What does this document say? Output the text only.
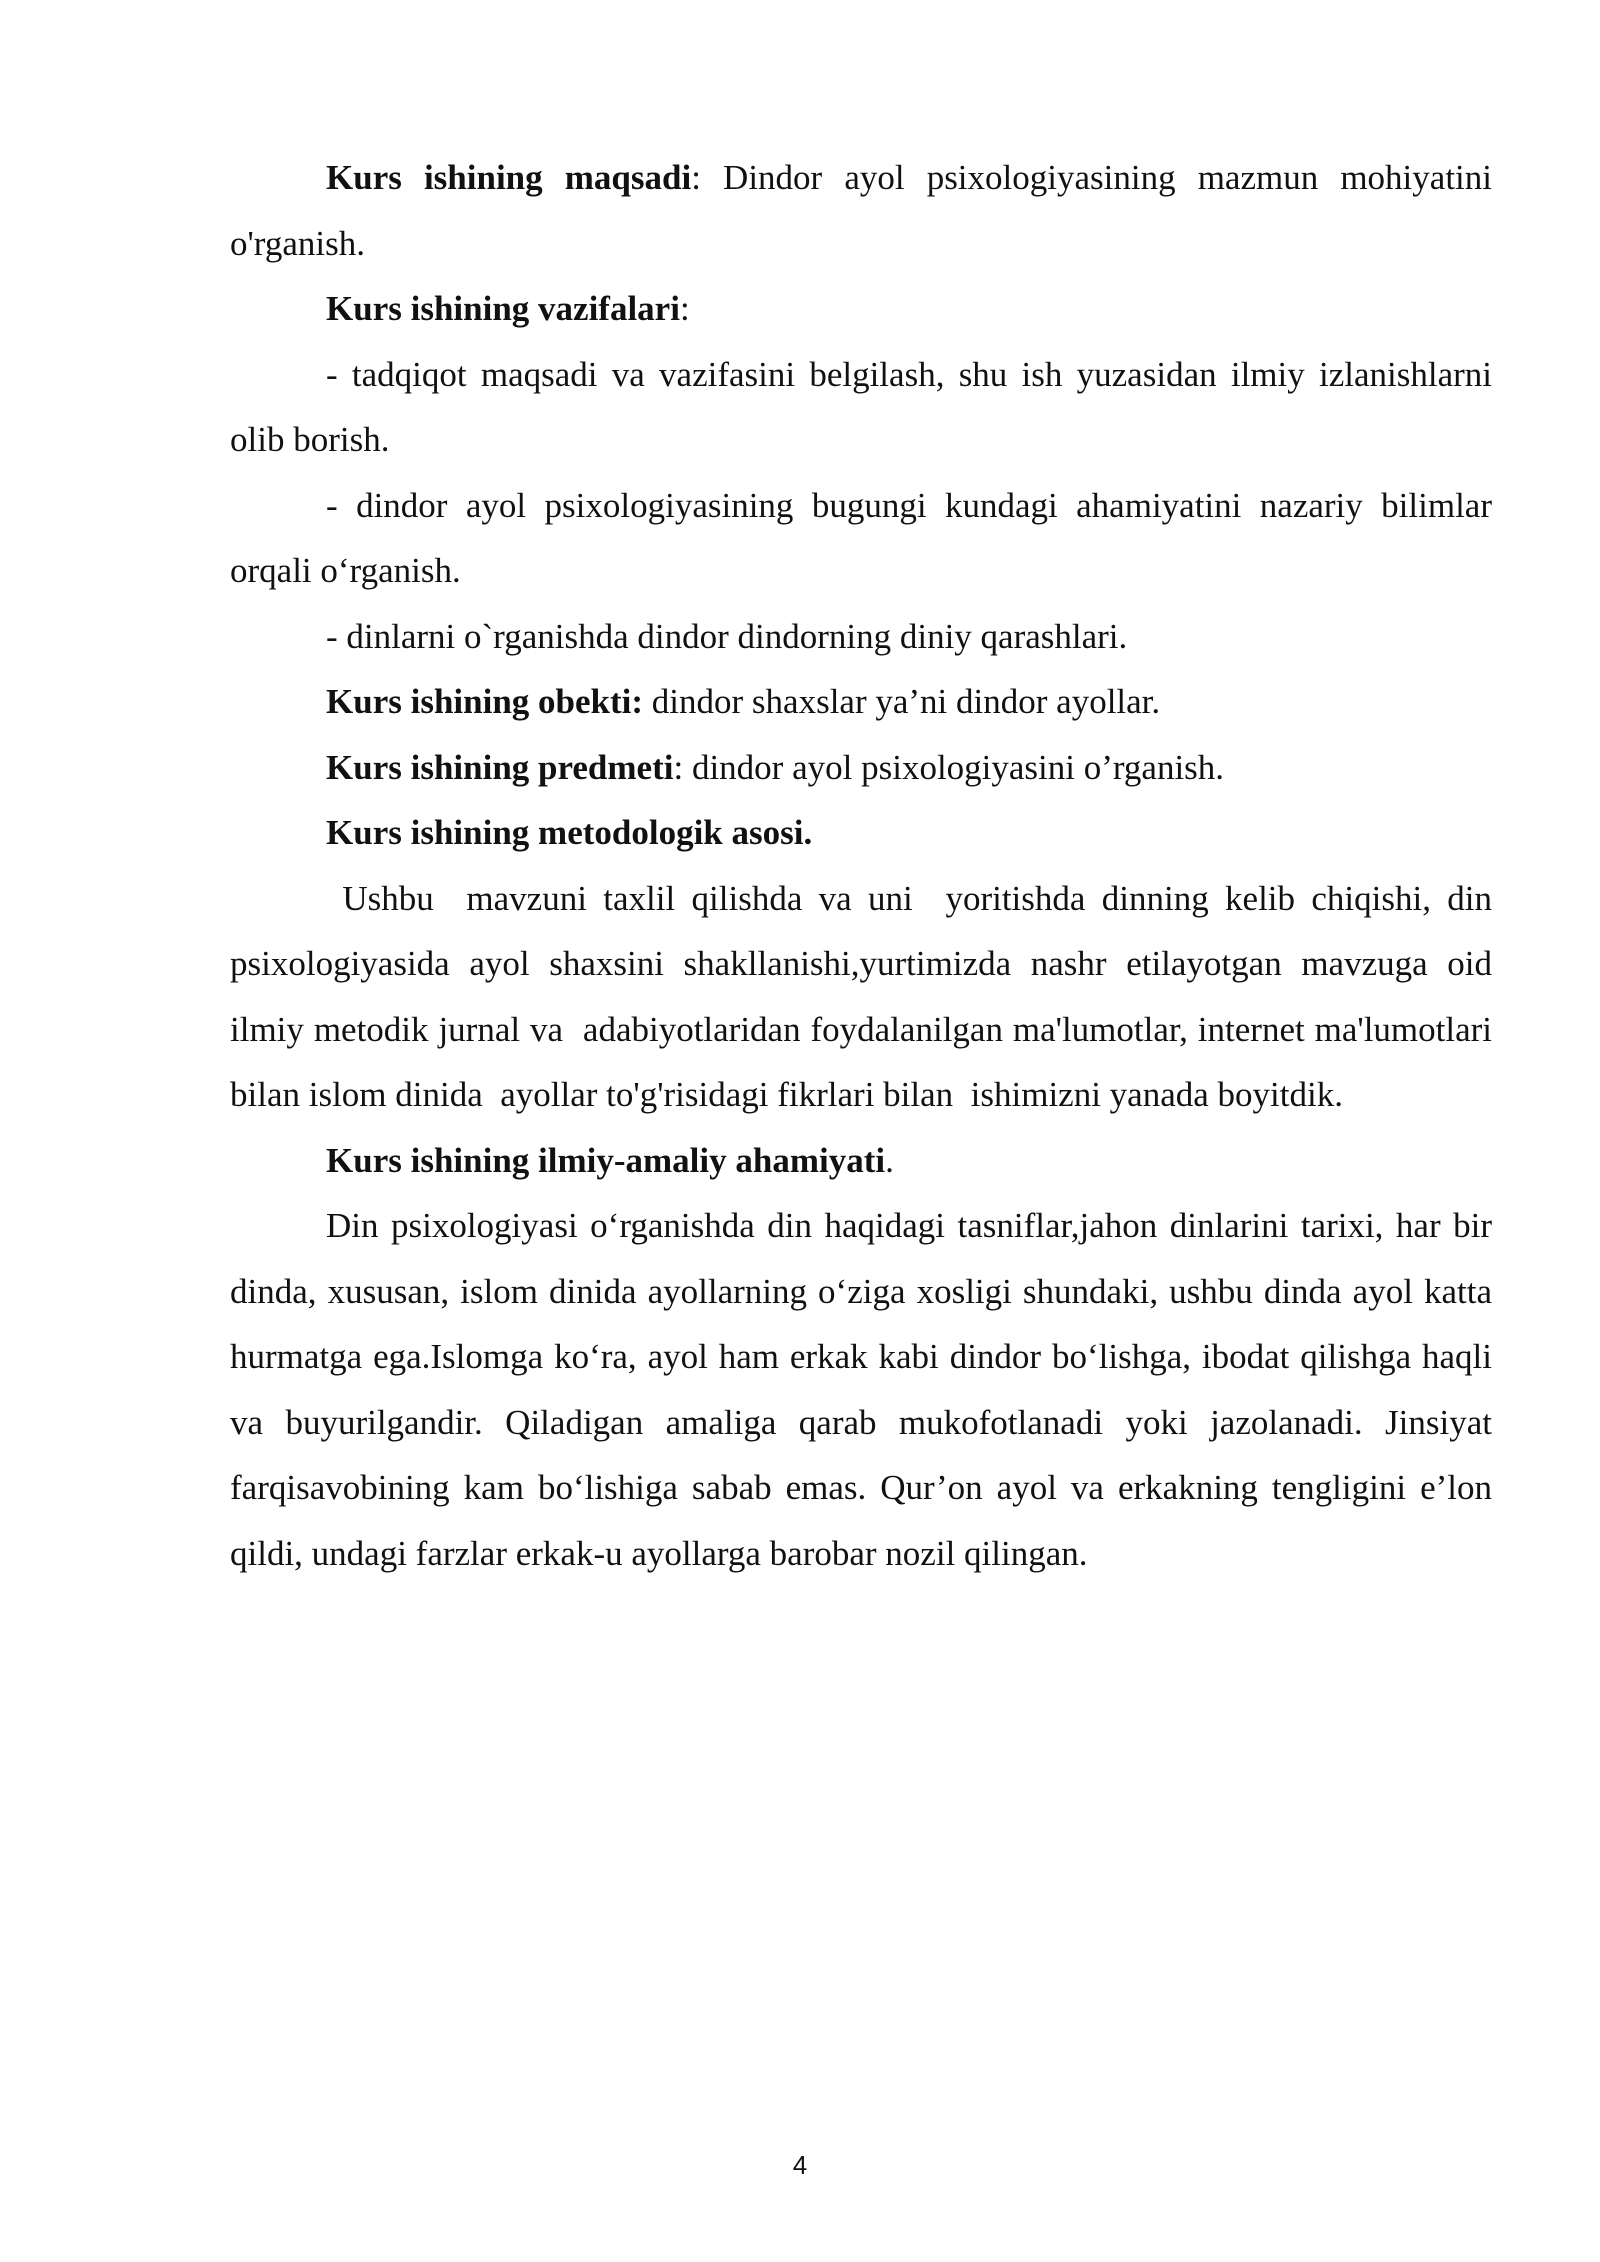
Kurs ishining maqsadi: Dindor ayol psixologiyasining mazmun mohiyatini o'rganish.

Kurs ishining vazifalari:

- tadqiqot maqsadi va vazifasini belgilash, shu ish yuzasidan ilmiy izlanishlarni olib borish.

- dindor ayol psixologiyasining bugungi kundagi ahamiyatini nazariy bilimlar orqali o‘rganish.

- dinlarni o`rganishda dindor dindorning diniy qarashlari.

Kurs ishining obekti: dindor shaxslar ya’ni dindor ayollar.

Kurs ishining predmeti: dindor ayol psixologiyasini o’rganish.

Kurs ishining metodologik asosi.

Ushbu  mavzuni taxlil qilishda va uni  yoritishda dinning kelib chiqishi, din psixologiyasida ayol shaxsini shakllanishi,yurtimizda nashr etilayotgan mavzuga oid ilmiy metodik jurnal va  adabiyotlaridan foydalanilgan ma'lumotlar, internet ma'lumotlari bilan islom dinida  ayollar to'g'risidagi fikrlari bilan  ishimizni yanada boyitdik.

Kurs ishining ilmiy-amaliy ahamiyati.

Din psixologiyasi o‘rganishda din haqidagi tasniflar,jahon dinlarini tarixi, har bir dinda, xususan, islom dinida ayollarning o‘ziga xosligi shundaki, ushbu dinda ayol katta hurmatga ega.Islomga ko‘ra, ayol ham erkak kabi dindor bo‘lishga, ibodat qilishga haqli va buyurilgandir. Qiladigan amaliga qarab mukofotlanadi yoki jazolanadi. Jinsiyat farqisavobining kam bo‘lishiga sabab emas. Qur’on ayol va erkakning tengligini e’lon qildi, undagi farzlar erkak-u ayollarga barobar nozil qilingan.

4
